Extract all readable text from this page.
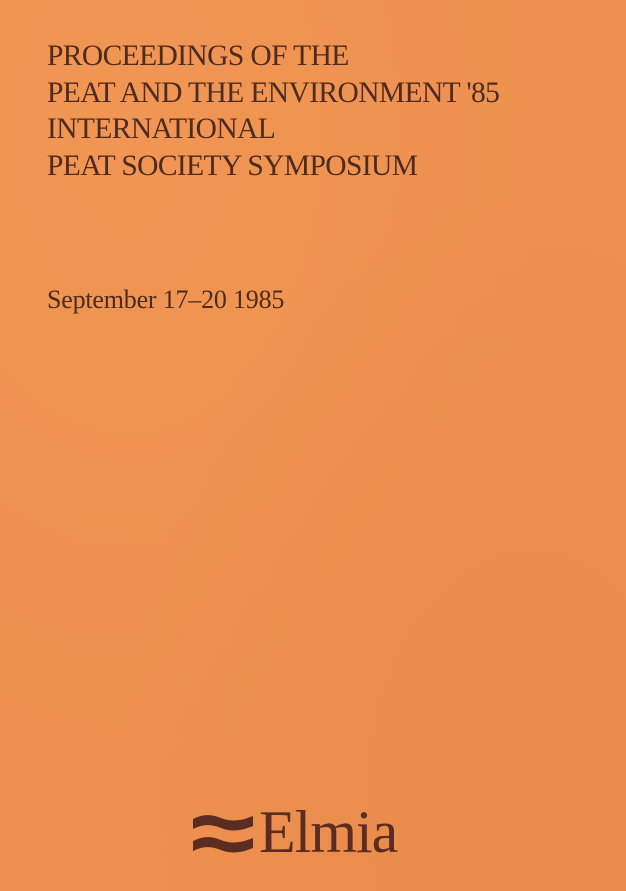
PROCEEDINGS OF THE
PEAT AND THE ENVIRONMENT '85
INTERNATIONAL
PEAT SOCIETY SYMPOSIUM
September 17–20 1985
Elmia
